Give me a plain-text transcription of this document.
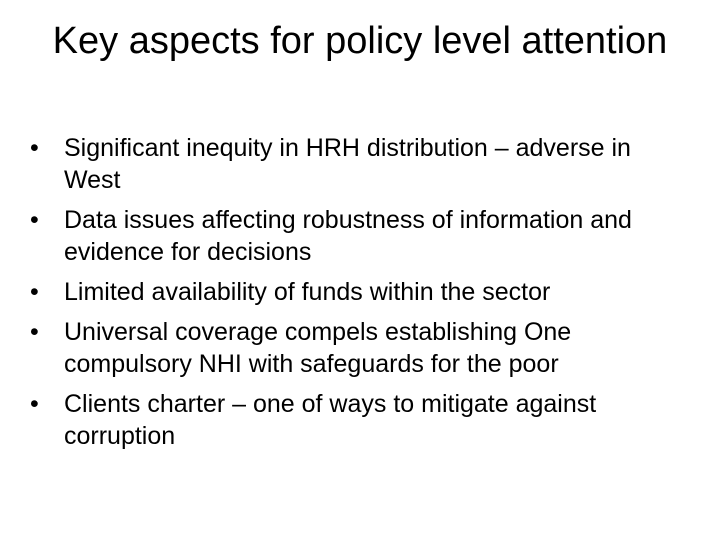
Key aspects for policy level attention
•	Significant inequity in HRH distribution – adverse in West
•	Data issues affecting robustness of information and evidence for decisions
•	Limited availability of funds within the sector
•	Universal coverage compels establishing One compulsory NHI with safeguards for the poor
•	Clients charter – one of ways to mitigate against corruption
